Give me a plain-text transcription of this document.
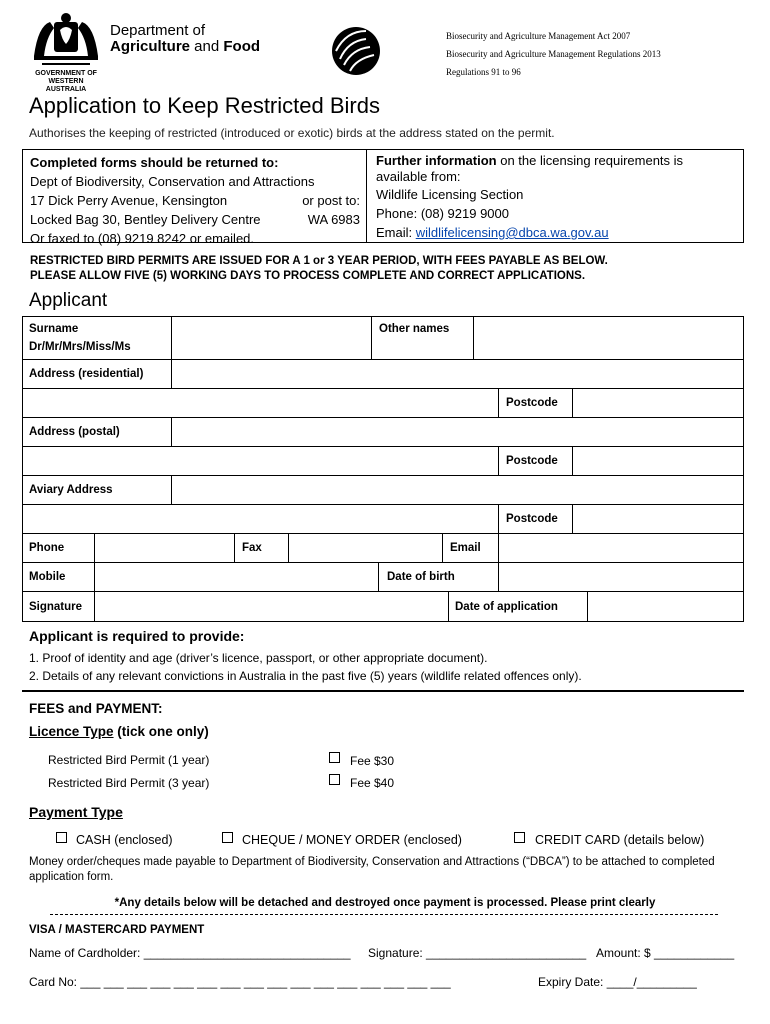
GOVERNMENT OF WESTERN AUSTRALIA
Department of
Agriculture and Food
Biosecurity and Agriculture Management Act 2007
Biosecurity and Agriculture Management Regulations 2013
Regulations 91 to 96
Application to Keep Restricted Birds
Authorises the keeping of restricted (introduced or exotic) birds at the address stated on the permit.
Completed forms should be returned to:
Dept of Biodiversity, Conservation and Attractions
17 Dick Perry Avenue, Kensington	or post to:
Locked Bag 30, Bentley Delivery Centre	WA 6983
Or faxed to (08) 9219 8242 or emailed.
Further information on the licensing requirements is available from:
Wildlife Licensing Section
Phone: (08) 9219 9000
Email: wildlifelicensing@dbca.wa.gov.au
RESTRICTED BIRD PERMITS ARE ISSUED FOR A 1 or 3 YEAR PERIOD, WITH FEES PAYABLE AS BELOW.
PLEASE ALLOW FIVE (5) WORKING DAYS TO PROCESS COMPLETE AND CORRECT APPLICATIONS.
Applicant
Surname
Dr/Mr/Mrs/Miss/Ms
Other names
Address (residential)
Postcode
Address (postal)
Postcode
Aviary Address
Postcode
Phone	Fax	Email
Mobile	Date of birth
Signature	Date of application
Applicant is required to provide:
1. Proof of identity and age (driver’s licence, passport, or other appropriate document).
2. Details of any relevant convictions in Australia in the past five (5) years (wildlife related offences only).
FEES and PAYMENT:
Licence Type (tick one only)
Restricted Bird Permit (1 year)	Fee $30
Restricted Bird Permit (3 year)	Fee $40
Payment Type
CASH (enclosed)	CHEQUE / MONEY ORDER (enclosed)	CREDIT CARD (details below)
Money order/cheques made payable to Department of Biodiversity, Conservation and Attractions (“DBCA”) to be attached to completed application form.
*Any details below will be detached and destroyed once payment is processed. Please print clearly
VISA / MASTERCARD PAYMENT
Name of Cardholder: _______________________________ Signature: ________________________ Amount: $ ____________
Card No: ___ ___ ___ ___ ___ ___ ___ ___ ___ ___ ___ ___ ___ ___ ___ ___	Expiry Date: ____/_________
